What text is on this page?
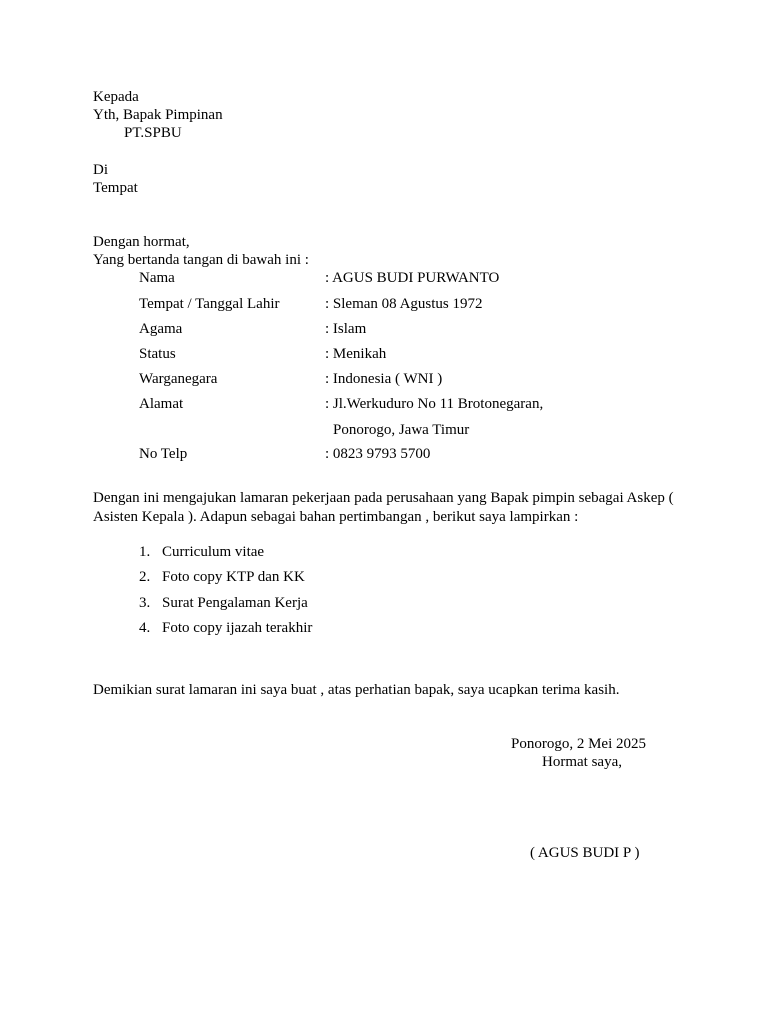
Kepada
Yth, Bapak Pimpinan
PT.SPBU
Di
Tempat
Dengan hormat,
Yang bertanda tangan di bawah ini :
Nama	: AGUS BUDI PURWANTO
Tempat / Tanggal Lahir	: Sleman 08 Agustus 1972
Agama	: Islam
Status	: Menikah
Warganegara	: Indonesia ( WNI )
Alamat	: Jl.Werkuduro No 11 Brotonegaran,
Ponorogo, Jawa Timur
No Telp	: 0823 9793 5700
Dengan ini mengajukan lamaran pekerjaan pada perusahaan yang Bapak pimpin sebagai Askep ( Asisten Kepala ). Adapun sebagai bahan pertimbangan , berikut saya lampirkan :
1. Curriculum vitae
2. Foto copy KTP dan KK
3. Surat Pengalaman Kerja
4. Foto copy ijazah terakhir
Demikian surat lamaran ini saya buat , atas perhatian bapak, saya ucapkan terima kasih.
Ponorogo, 2 Mei 2025
Hormat saya,
( AGUS BUDI P )
